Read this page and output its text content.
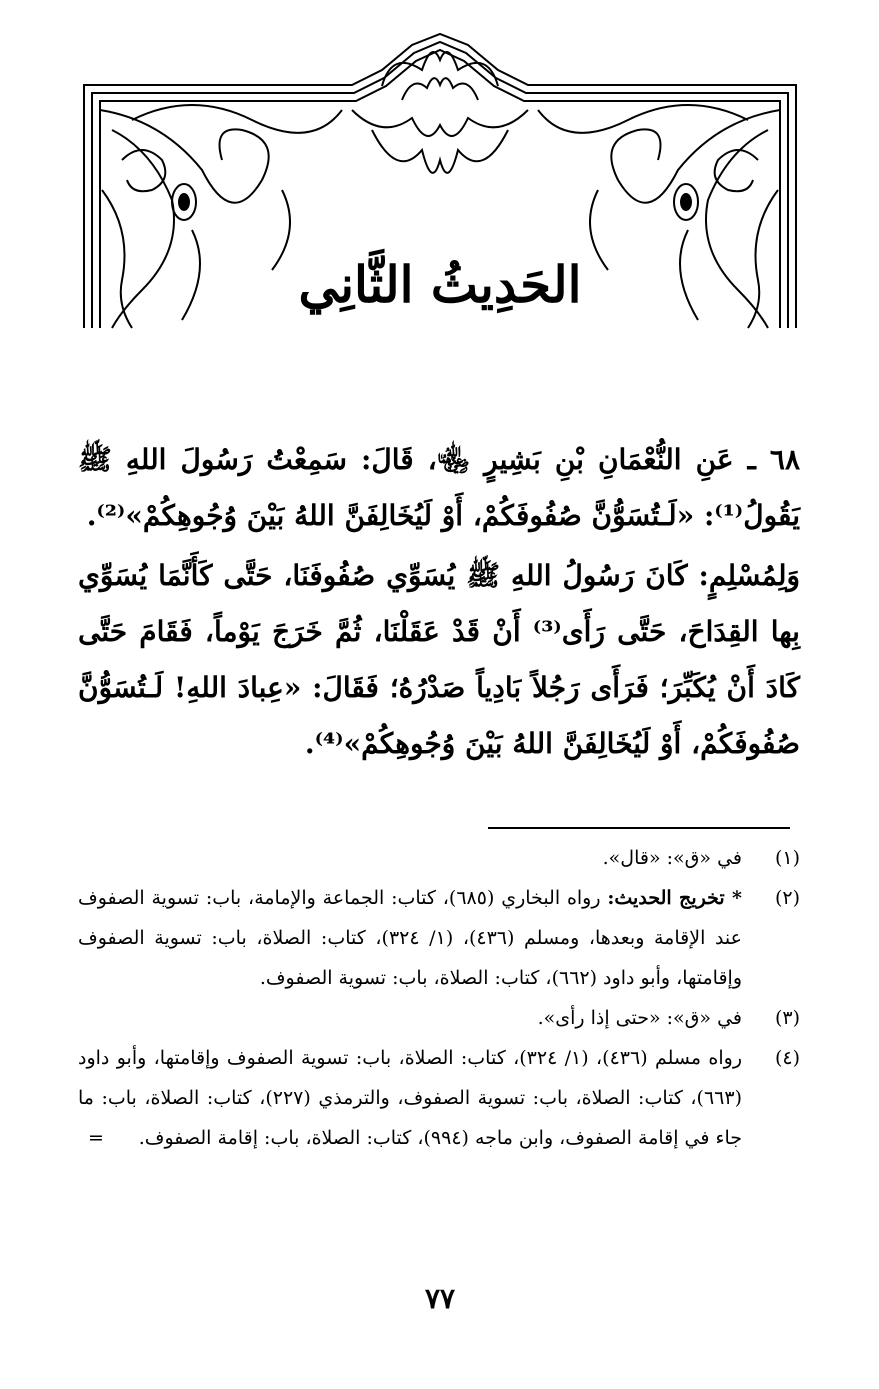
الحَدِيثُ الثَّانِي

٦٨ ـ عَنِ النُّعْمَانِ بْنِ بَشِيرٍ ﵄، قَالَ: سَمِعْتُ رَسُولَ اللهِ ﷺ يَقُولُ⁽¹⁾: «لَـتُسَوُّنَّ صُفُوفَكُمْ، أَوْ لَيُخَالِفَنَّ اللهُ بَيْنَ وُجُوهِكُمْ»⁽²⁾.

وَلِمُسْلِمٍ: كَانَ رَسُولُ اللهِ ﷺ يُسَوِّي صُفُوفَنَا، حَتَّى كَأَنَّمَا يُسَوِّي بِها القِدَاحَ، حَتَّى رَأَى⁽³⁾ أَنْ قَدْ عَقَلْنَا، ثُمَّ خَرَجَ يَوْماً، فَقَامَ حَتَّى كَادَ أَنْ يُكَبِّرَ؛ فَرَأَى رَجُلاً بَادِياً صَدْرُهُ؛ فَقَالَ: «عِبادَ اللهِ! لَـتُسَوُّنَّ صُفُوفَكُمْ، أَوْ لَيُخَالِفَنَّ اللهُ بَيْنَ وُجُوهِكُمْ»⁽⁴⁾.

(١)
في «ق»: «قال».
(٢)
* تخريج الحديث: رواه البخاري (٦٨٥)، كتاب: الجماعة والإمامة، باب: تسوية الصفوف عند الإقامة وبعدها، ومسلم (٤٣٦)، (١/ ٣٢٤)، كتاب: الصلاة، باب: تسوية الصفوف وإقامتها، وأبو داود (٦٦٢)، كتاب: الصلاة، باب: تسوية الصفوف.
(٣)
في «ق»: «حتى إذا رأى».
(٤)
رواه مسلم (٤٣٦)، (١/ ٣٢٤)، كتاب: الصلاة، باب: تسوية الصفوف وإقامتها، وأبو داود (٦٦٣)، كتاب: الصلاة، باب: تسوية الصفوف، والترمذي (٢٢٧)، كتاب: الصلاة، باب: ما جاء في إقامة الصفوف، وابن ماجه (٩٩٤)، كتاب: الصلاة، باب: إقامة الصفوف.
=
٧٧
